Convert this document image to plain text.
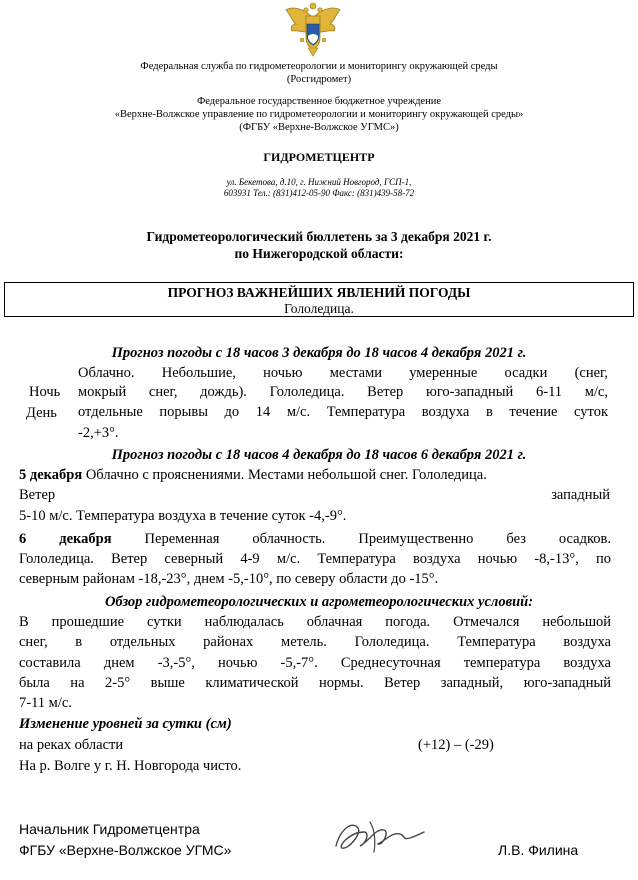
Федеральная служба по гидрометеорологии и мониторингу окружающей среды
(Росгидромет)
Федеральное государственное бюджетное учреждение
«Верхне-Волжское управление по гидрометеорологии и мониторингу окружающей среды»
(ФГБУ «Верхне-Волжское УГМС»)
ГИДРОМЕТЦЕНТР
ул. Бекетова, д.10, г. Нижний Новгород, ГСП-1,
603931 Тел.: (831)412-05-90 Факс: (831)439-58-72
Гидрометеорологический бюллетень за 3 декабря 2021 г.
по Нижегородской области:
ПРОГНОЗ ВАЖНЕЙШИХ ЯВЛЕНИЙ ПОГОДЫ
Гололедица.
Прогноз погоды с 18 часов 3 декабря до 18 часов 4 декабря 2021 г.
Ночь
День
Облачно. Небольшие, ночью местами умеренные осадки (снег,
мокрый снег, дождь). Гололедица. Ветер юго-западный 6-11 м/с,
отдельные порывы до 14 м/с. Температура воздуха в течение суток
-2,+3°.
Прогноз погоды с 18 часов 4 декабря до 18 часов 6 декабря 2021 г.
5 декабря Облачно с прояснениями. Местами небольшой снег. Гололедица.
Ветер	западный
5-10 м/с. Температура воздуха в течение суток -4,-9°.
6 декабря Переменная облачность. Преимущественно без осадков.
Гололедица. Ветер северный 4-9 м/с. Температура воздуха ночью -8,-13°, по
северным районам -18,-23°, днем -5,-10°, по северу области до -15°.
Обзор гидрометеорологических и агрометеорологических условий:
В прошедшие сутки наблюдалась облачная погода. Отмечался небольшой
снег, в отдельных районах метель. Гололедица. Температура воздуха
составила днем -3,-5°, ночью -5,-7°. Среднесуточная температура воздуха
была на 2-5° выше климатической нормы. Ветер западный, юго-западный
7-11 м/с.
Изменение уровней за сутки (см)
на реках области	(+12) – (-29)
На р. Волге у г. Н. Новгорода чисто.
Начальник Гидрометцентра
ФГБУ «Верхне-Волжское УГМС»	Л.В. Филина
